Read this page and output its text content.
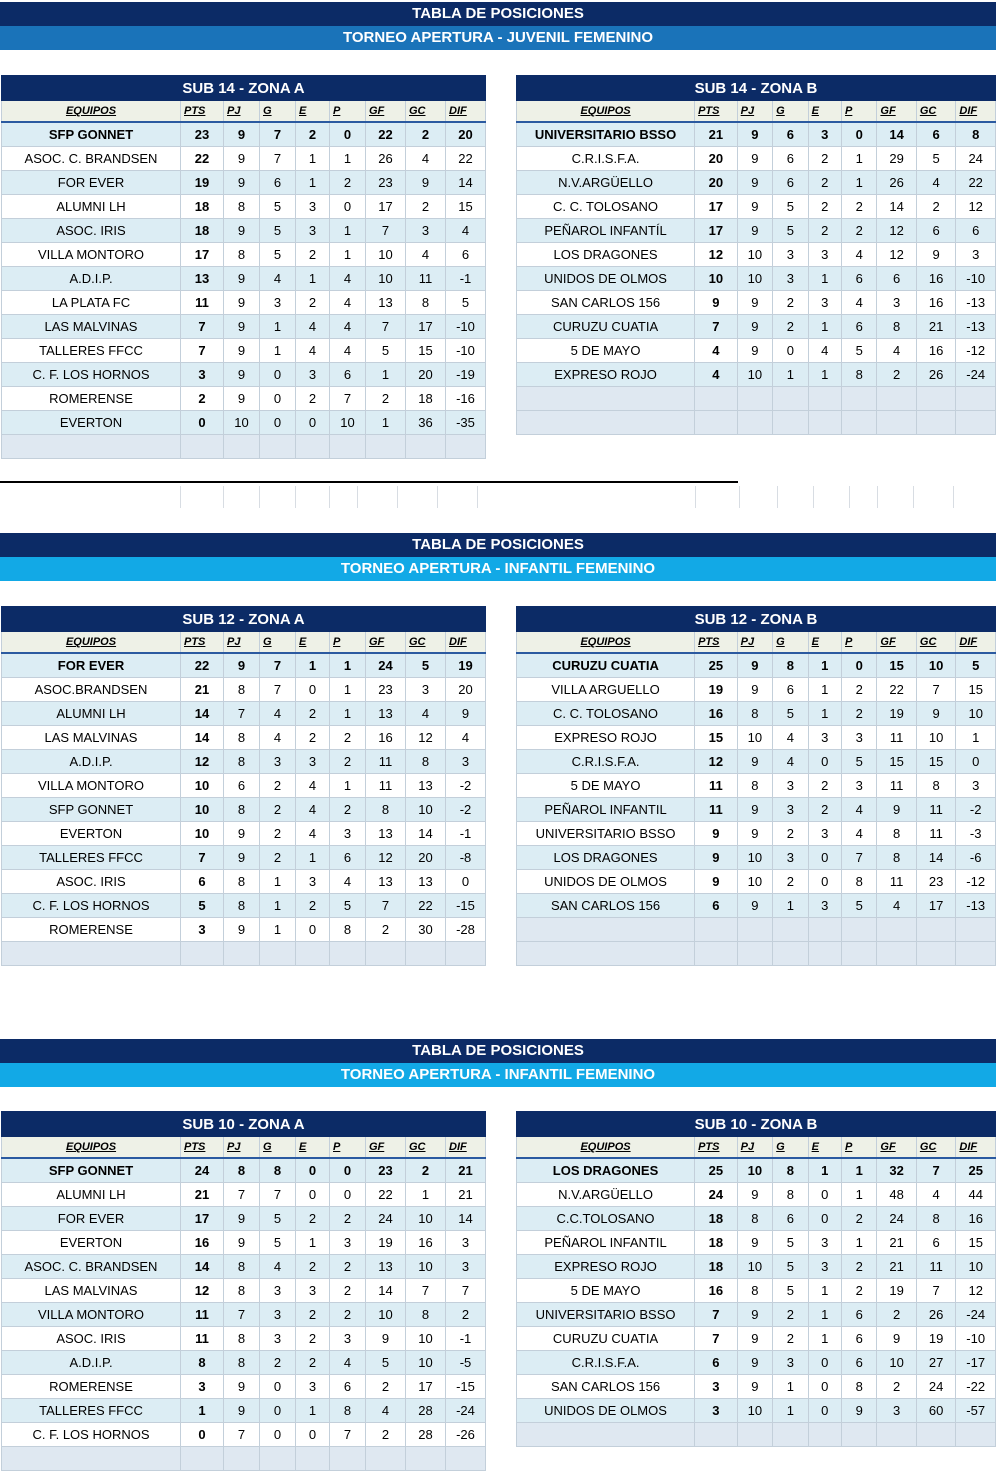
TABLA DE POSICIONES
TORNEO APERTURA - JUVENIL FEMENINO
TABLA DE POSICIONES
TORNEO APERTURA - INFANTIL FEMENINO
TABLA DE POSICIONES
TORNEO APERTURA - INFANTIL FEMENINO
SUB 14 - ZONA A								
EQUIPOS	PTS	PJ	G	E	P	GF	GC	DIF
SFP GONNET	23	9	7	2	0	22	2	20
ASOC. C. BRANDSEN	22	9	7	1	1	26	4	22
FOR EVER	19	9	6	1	2	23	9	14
ALUMNI LH	18	8	5	3	0	17	2	15
ASOC. IRIS	18	9	5	3	1	7	3	4
VILLA MONTORO	17	8	5	2	1	10	4	6
A.D.I.P.	13	9	4	1	4	10	11	-1
LA PLATA FC	11	9	3	2	4	13	8	5
LAS MALVINAS	7	9	1	4	4	7	17	-10
TALLERES FFCC	7	9	1	4	4	5	15	-10
C. F. LOS HORNOS	3	9	0	3	6	1	20	-19
ROMERENSE	2	9	0	2	7	2	18	-16
EVERTON	0	10	0	0	10	1	36	-35

SUB 14 - ZONA B								
EQUIPOS	PTS	PJ	G	E	P	GF	GC	DIF
UNIVERSITARIO BSSO	21	9	6	3	0	14	6	8
C.R.I.S.F.A.	20	9	6	2	1	29	5	24
N.V.ARGÜELLO	20	9	6	2	1	26	4	22
C. C. TOLOSANO	17	9	5	2	2	14	2	12
PEÑAROL INFANTÍL	17	9	5	2	2	12	6	6
LOS DRAGONES	12	10	3	3	4	12	9	3
UNIDOS DE OLMOS	10	10	3	1	6	6	16	-10
SAN CARLOS 156	9	9	2	3	4	3	16	-13
CURUZU CUATIA	7	9	2	1	6	8	21	-13
5 DE MAYO	4	9	0	4	5	4	16	-12
EXPRESO ROJO	4	10	1	1	8	2	26	-24

SUB 12 - ZONA A								
EQUIPOS	PTS	PJ	G	E	P	GF	GC	DIF
FOR EVER	22	9	7	1	1	24	5	19
ASOC.BRANDSEN	21	8	7	0	1	23	3	20
ALUMNI LH	14	7	4	2	1	13	4	9
LAS MALVINAS	14	8	4	2	2	16	12	4
A.D.I.P.	12	8	3	3	2	11	8	3
VILLA MONTORO	10	6	2	4	1	11	13	-2
SFP GONNET	10	8	2	4	2	8	10	-2
EVERTON	10	9	2	4	3	13	14	-1
TALLERES FFCC	7	9	2	1	6	12	20	-8
ASOC. IRIS	6	8	1	3	4	13	13	0
C. F. LOS HORNOS	5	8	1	2	5	7	22	-15
ROMERENSE	3	9	1	0	8	2	30	-28

SUB 12 - ZONA B								
EQUIPOS	PTS	PJ	G	E	P	GF	GC	DIF
CURUZU CUATIA	25	9	8	1	0	15	10	5
VILLA ARGUELLO	19	9	6	1	2	22	7	15
C. C. TOLOSANO	16	8	5	1	2	19	9	10
EXPRESO ROJO	15	10	4	3	3	11	10	1
C.R.I.S.F.A.	12	9	4	0	5	15	15	0
5 DE MAYO	11	8	3	2	3	11	8	3
PEÑAROL INFANTIL	11	9	3	2	4	9	11	-2
UNIVERSITARIO BSSO	9	9	2	3	4	8	11	-3
LOS DRAGONES	9	10	3	0	7	8	14	-6
UNIDOS DE OLMOS	9	10	2	0	8	11	23	-12
SAN CARLOS 156	6	9	1	3	5	4	17	-13

SUB 10 - ZONA A								
EQUIPOS	PTS	PJ	G	E	P	GF	GC	DIF
SFP GONNET	24	8	8	0	0	23	2	21
ALUMNI LH	21	7	7	0	0	22	1	21
FOR EVER	17	9	5	2	2	24	10	14
EVERTON	16	9	5	1	3	19	16	3
ASOC. C. BRANDSEN	14	8	4	2	2	13	10	3
LAS MALVINAS	12	8	3	3	2	14	7	7
VILLA MONTORO	11	7	3	2	2	10	8	2
ASOC. IRIS	11	8	3	2	3	9	10	-1
A.D.I.P.	8	8	2	2	4	5	10	-5
ROMERENSE	3	9	0	3	6	2	17	-15
TALLERES FFCC	1	9	0	1	8	4	28	-24
C. F. LOS HORNOS	0	7	0	0	7	2	28	-26

SUB 10 - ZONA B								
EQUIPOS	PTS	PJ	G	E	P	GF	GC	DIF
LOS DRAGONES	25	10	8	1	1	32	7	25
N.V.ARGÜELLO	24	9	8	0	1	48	4	44
C.C.TOLOSANO	18	8	6	0	2	24	8	16
PEÑAROL INFANTIL	18	9	5	3	1	21	6	15
EXPRESO ROJO	18	10	5	3	2	21	11	10
5 DE MAYO	16	8	5	1	2	19	7	12
UNIVERSITARIO BSSO	7	9	2	1	6	2	26	-24
CURUZU CUATIA	7	9	2	1	6	9	19	-10
C.R.I.S.F.A.	6	9	3	0	6	10	27	-17
SAN CARLOS 156	3	9	1	0	8	2	24	-22
UNIDOS DE OLMOS	3	10	1	0	9	3	60	-57
